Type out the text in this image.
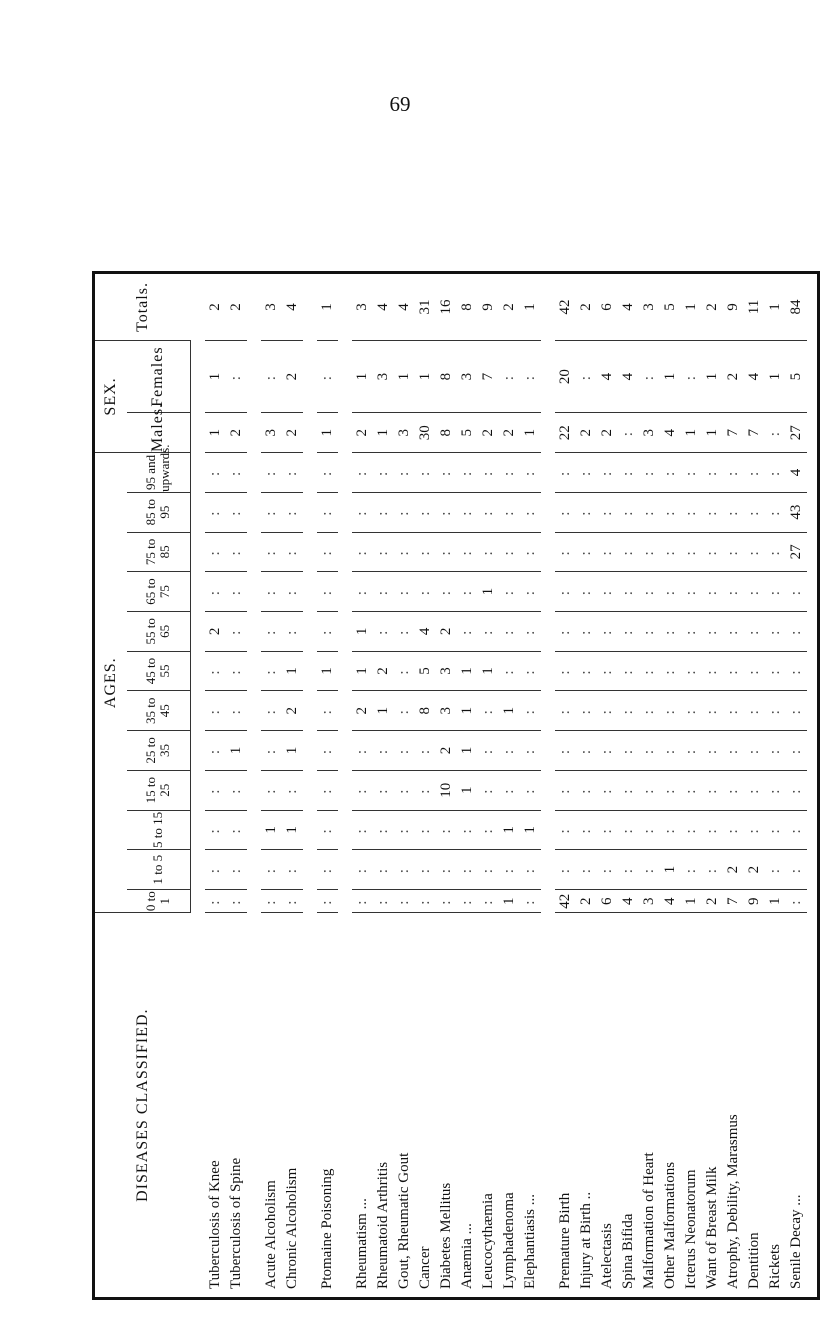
69
DISEASES CLASSIFIED.	AGES.												SEX.		Totals.
	0 to 1	1 to 5	5 to 15	15 to 25	25 to 35	35 to 45	45 to 55	55 to 65	65 to 75	75 to 85	85 to 95	95 and upwards.	Males.	Females	

Tuberculosis of Knee	:	:	:	:	:	:	:	2	:	:	:	:	1	1	2
Tuberculosis of Spine	:	:	:	:	1	:	:	:	:	:	:	:	2	:	2

Acute Alcoholism	:	:	1	:	:	:	:	:	:	:	:	:	3	:	3
Chronic Alcoholism	:	:	1	:	1	2	1	:	:	:	:	:	2	2	4

Ptomaine Poisoning	:	:	:	:	:	:	1	:	:	:	:	:	1	:	1

Rheumatism ...	:	:	:	:	:	2	1	1	:	:	:	:	2	1	3
Rheumatoid Arthritis	:	:	:	:	:	1	2	:	:	:	:	:	1	3	4
Gout, Rheumatic Gout	:	:	:	:	:	:	:	:	:	:	:	:	3	1	4
Cancer	:	:	:	:	:	8	5	4	:	:	:	:	30	1	31
Diabetes Mellitus	:	:	:	10	2	3	3	2	:	:	:	:	8	8	16
Anæmia ...	:	:	:	1	1	1	1	:	:	:	:	:	5	3	8
Leucocythæmia	:	:	:	:	:	:	1	:	1	:	:	:	2	7	9
Lymphadenoma	1	:	1	:	:	1	:	:	:	:	:	:	2	:	2
Elephantiasis ...	:	:	1	:	:	:	:	:	:	:	:	:	1	:	1

Premature Birth	42	:	:	:	:	:	:	:	:	:	:	:	22	20	42
Injury at Birth ..	2	:	:	:	:	:	:	:	:	:	:	:	2	:	2
Atelectasis	6	:	:	:	:	:	:	:	:	:	:	:	2	4	6
Spina Bifida	4	:	:	:	:	:	:	:	:	:	:	:	:	4	4
Malformation of Heart	3	:	:	:	:	:	:	:	:	:	:	:	3	:	3
Other Malformations	4	1	:	:	:	:	:	:	:	:	:	:	4	1	5
Icterus Neonatorum	1	:	:	:	:	:	:	:	:	:	:	:	1	:	1
Want of Breast Milk	2	:	:	:	:	:	:	:	:	:	:	:	1	1	2
Atrophy, Debility, Marasmus	7	2	:	:	:	:	:	:	:	:	:	:	7	2	9
Dentition	9	2	:	:	:	:	:	:	:	:	:	:	7	4	11
Rickets	1	:	:	:	:	:	:	:	:	:	:	:	:	1	1
Senile Decay ...	:	:	:	:	:	:	:	:	:	27	43	4	27	5	84
